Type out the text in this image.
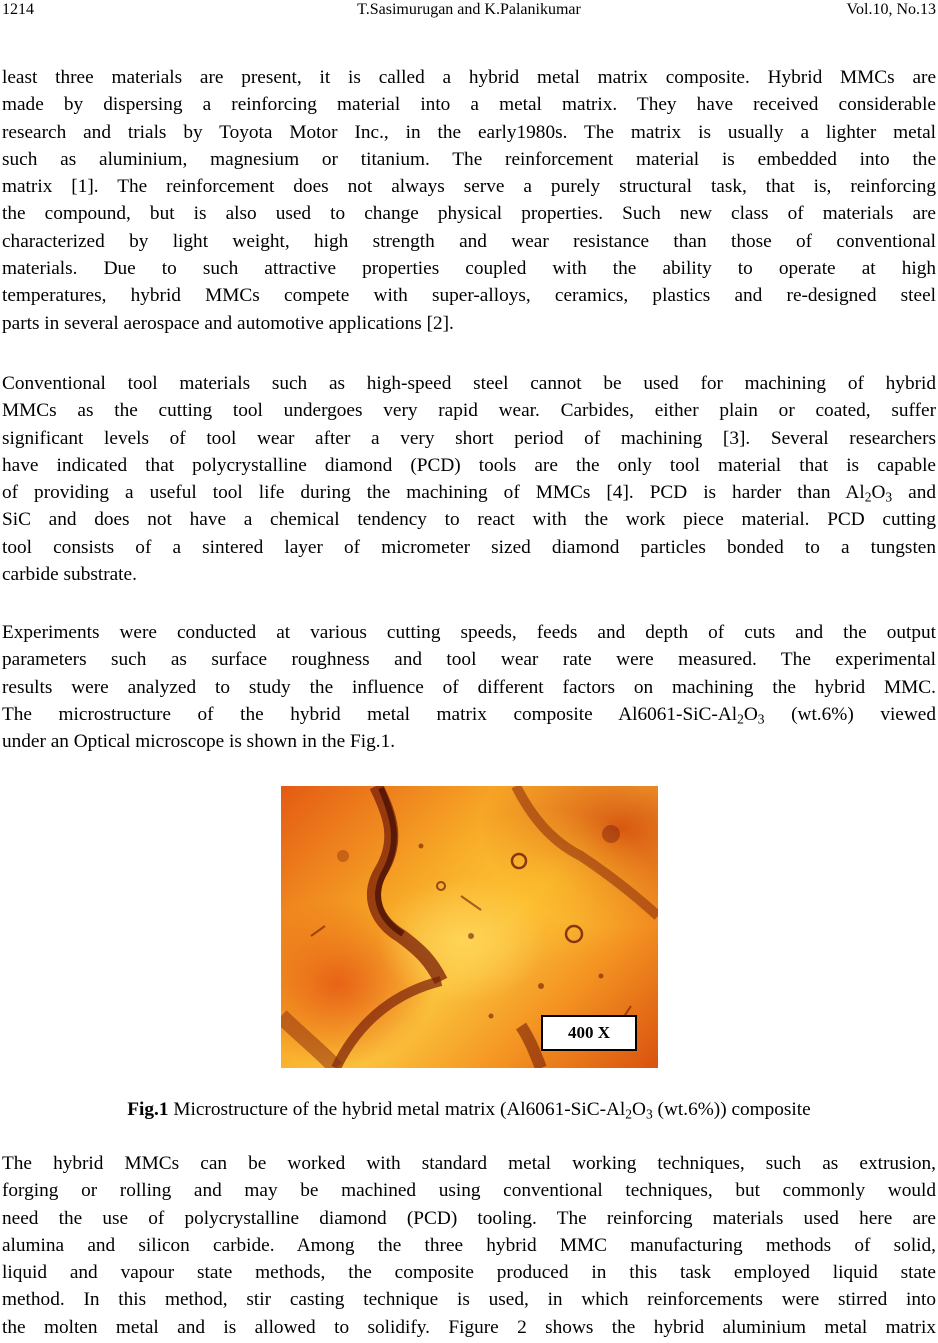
1214	T.Sasimurugan and K.Palanikumar	Vol.10, No.13
least three materials are present, it is called a hybrid metal matrix composite. Hybrid MMCs are
made by dispersing a reinforcing material into a metal matrix. They have received considerable
research and trials by Toyota Motor Inc., in the early1980s. The matrix is usually a lighter metal
such as aluminium, magnesium or titanium. The reinforcement material is embedded into the
matrix [1]. The reinforcement does not always serve a purely structural task, that is, reinforcing
the compound, but is also used to change physical properties. Such new class of materials are
characterized by light weight, high strength and wear resistance than those of conventional
materials. Due to such attractive properties coupled with the ability to operate at high
temperatures, hybrid MMCs compete with super-alloys, ceramics, plastics and re-designed steel
parts in several aerospace and automotive applications [2].
Conventional tool materials such as high-speed steel cannot be used for machining of hybrid
MMCs as the cutting tool undergoes very rapid wear. Carbides, either plain or coated, suffer
significant levels of tool wear after a very short period of machining [3]. Several researchers
have indicated that polycrystalline diamond (PCD) tools are the only tool material that is capable
of providing a useful tool life during the machining of MMCs [4]. PCD is harder than $Al_2O_3$ and
SiC and does not have a chemical tendency to react with the work piece material. PCD cutting
tool consists of a sintered layer of micrometer sized diamond particles bonded to a tungsten
carbide substrate.
Experiments were conducted at various cutting speeds, feeds and depth of cuts and the output
parameters such as surface roughness and tool wear rate were measured. The experimental
results were analyzed to study the influence of different factors on machining the hybrid MMC.
The microstructure of the hybrid metal matrix composite $Al6061-SiC-Al_2O_3$ (wt.6%) viewed
under an Optical microscope is shown in the Fig.1.
400 X
Fig.1 Microstructure of the hybrid metal matrix ($Al6061-SiC-Al_2O_3$ (wt.6%)) composite
The hybrid MMCs can be worked with standard metal working techniques, such as extrusion,
forging or rolling and may be machined using conventional techniques, but commonly would
need the use of polycrystalline diamond (PCD) tooling. The reinforcing materials used here are
alumina and silicon carbide. Among the three hybrid MMC manufacturing methods of solid,
liquid and vapour state methods, the composite produced in this task employed liquid state
method. In this method, stir casting technique is used, in which reinforcements were stirred into
the molten metal and is allowed to solidify. Figure 2 shows the hybrid aluminium metal matrix
